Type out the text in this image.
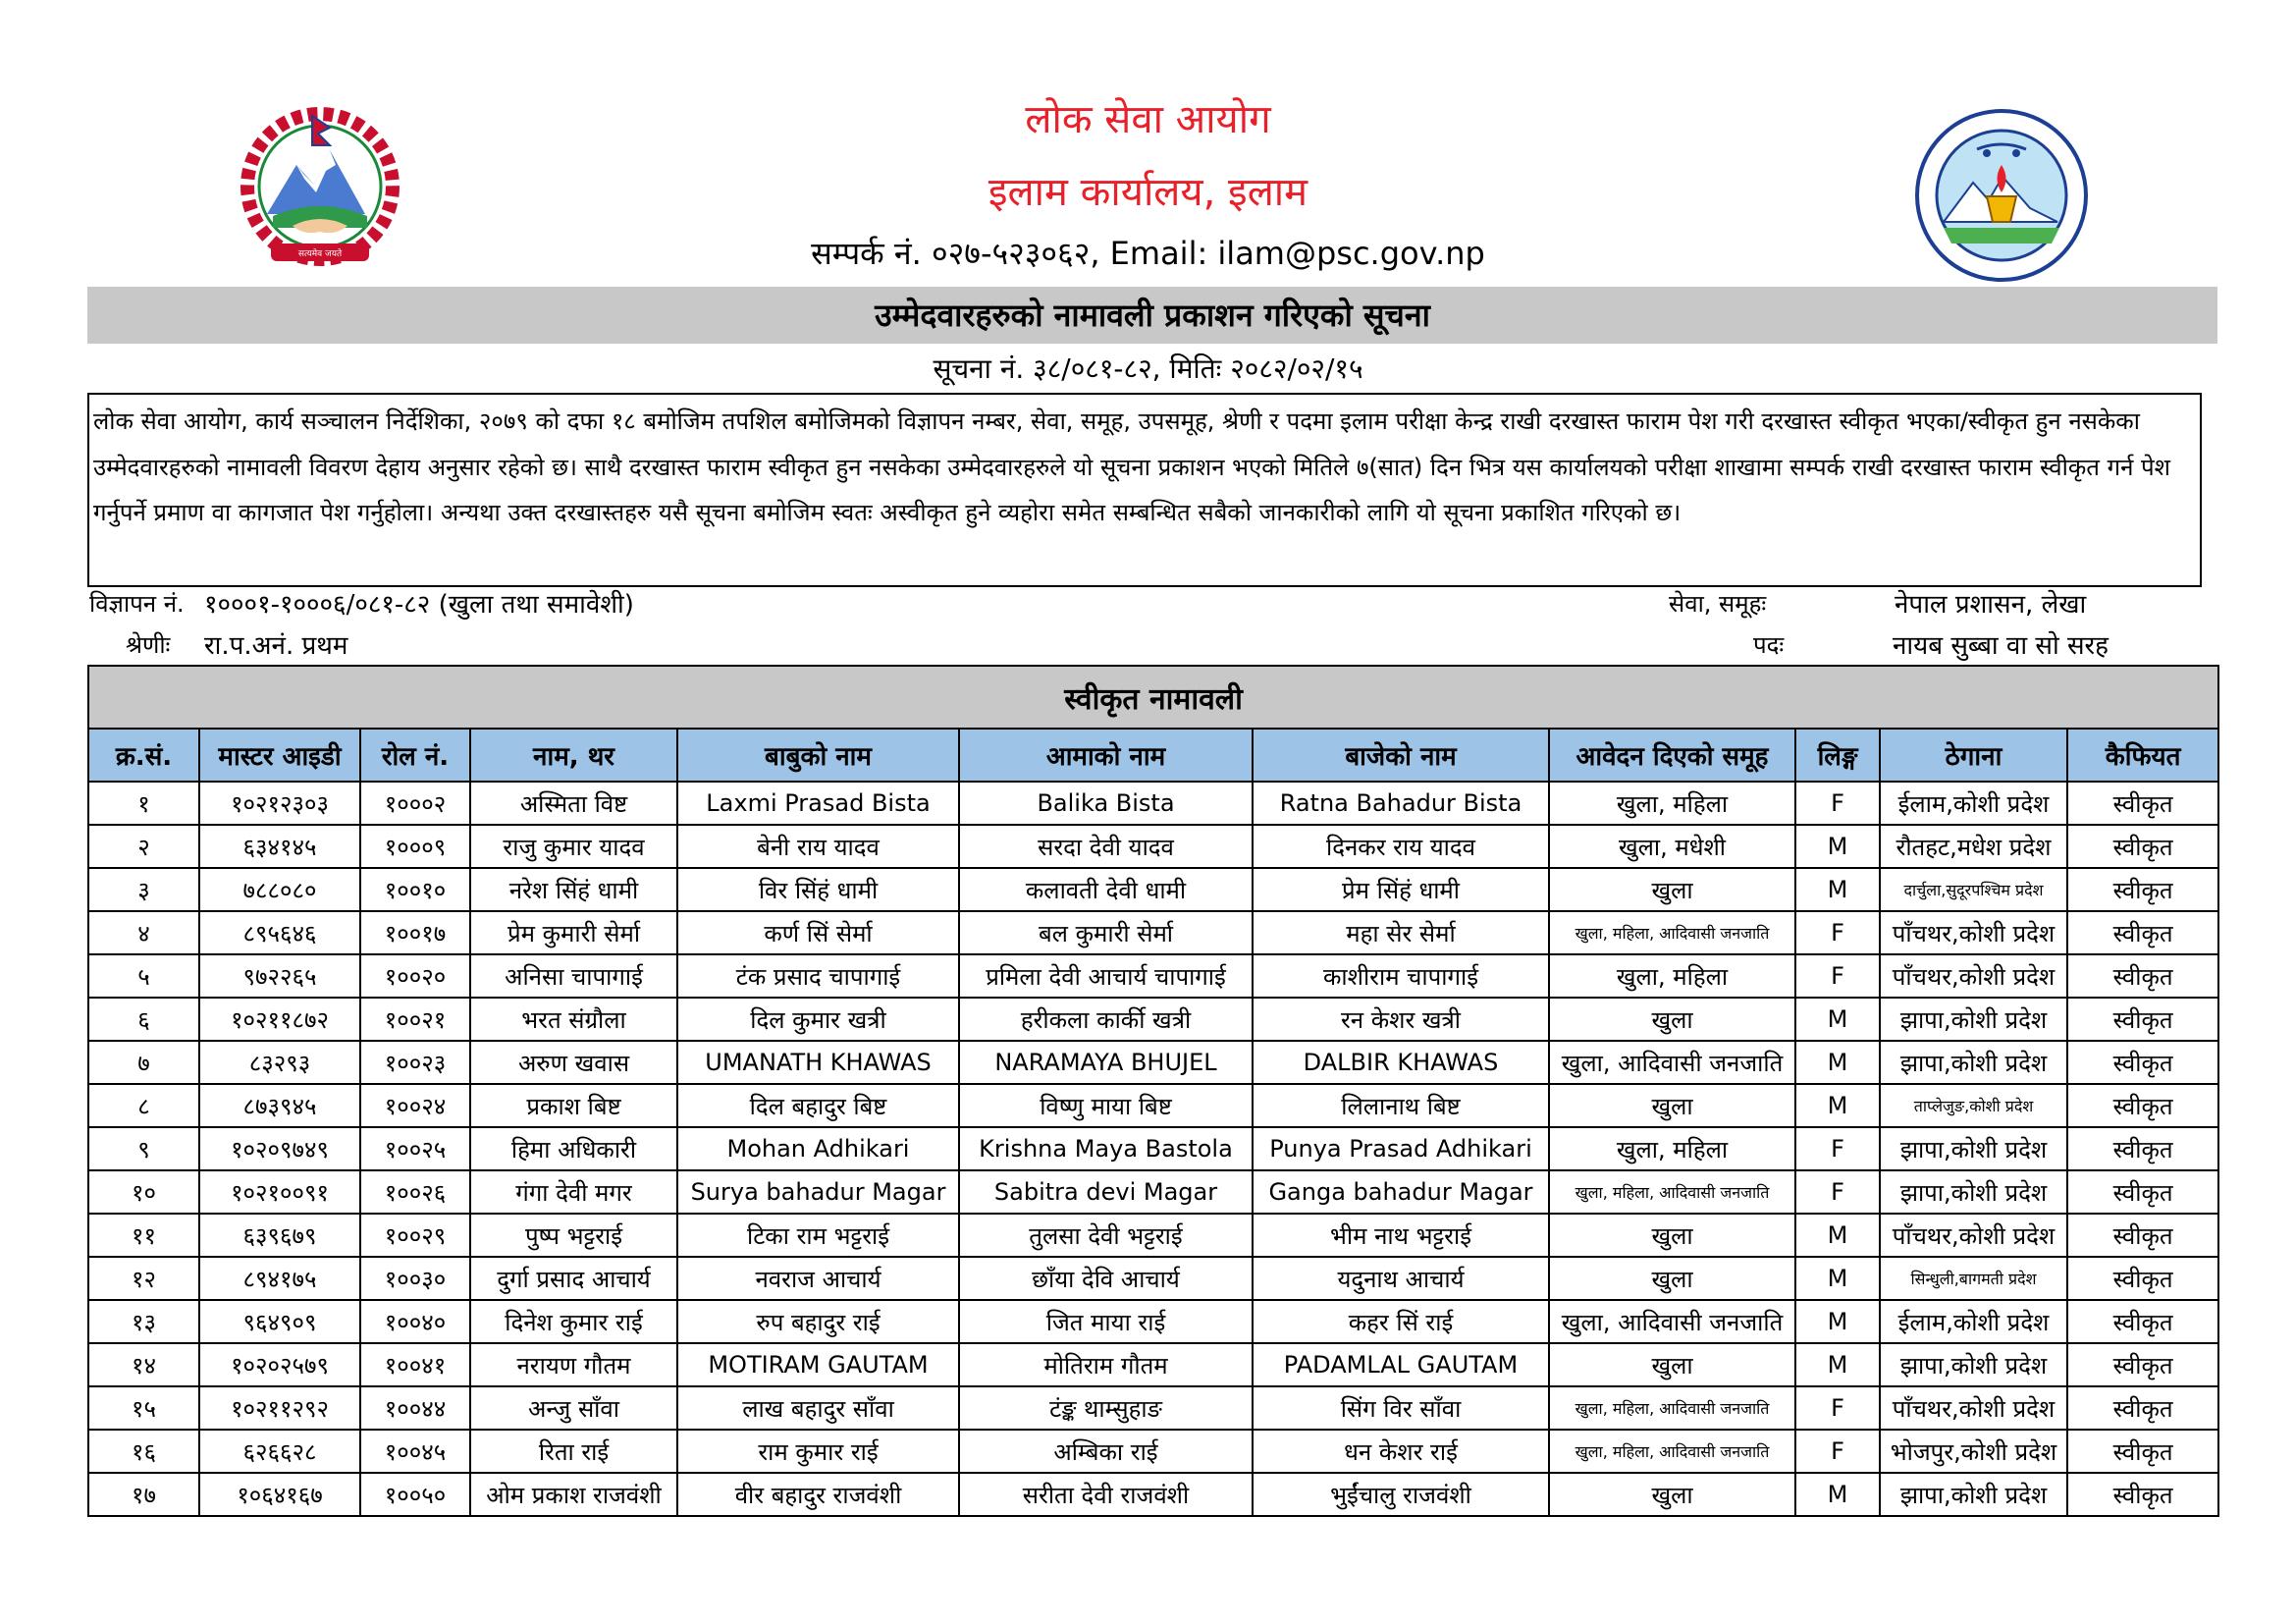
सत्यमेव जयते
लोक सेवा आयोग
इलाम कार्यालय, इलाम
सम्पर्क नं. ०२७-५२३०६२, Email: ilam@psc.gov.np
उम्मेदवारहरुको नामावली प्रकाशन गरिएको सूचना
सूचना नं. ३८/०८१-८२, मितिः २०८२/०२/१५
लोक सेवा आयोग, कार्य सञ्चालन निर्देशिका, २०७९ को दफा १८ बमोजिम तपशिल बमोजिमको विज्ञापन नम्बर, सेवा, समूह, उपसमूह, श्रेणी र पदमा इलाम परीक्षा केन्द्र राखी दरखास्त फाराम पेश गरी दरखास्त स्वीकृत भएका/स्वीकृत हुन नसकेका उम्मेदवारहरुको नामावली विवरण देहाय अनुसार रहेको छ। साथै दरखास्त फाराम स्वीकृत हुन नसकेका उम्मेदवारहरुले यो सूचना प्रकाशन भएको मितिले ७(सात) दिन भित्र यस कार्यालयको परीक्षा शाखामा सम्पर्क राखी दरखास्त फाराम स्वीकृत गर्न पेश गर्नुपर्ने प्रमाण वा कागजात पेश गर्नुहोला। अन्यथा उक्त दरखास्तहरु यसै सूचना बमोजिम स्वतः अस्वीकृत हुने व्यहोरा समेत सम्बन्धित सबैको जानकारीको लागि यो सूचना प्रकाशित गरिएको छ।
विज्ञापन नं. १०००१-१०००६/०८१-८२ (खुला तथा समावेशी)
श्रेणीः रा.प.अनं. प्रथम
सेवा, समूहः	नेपाल प्रशासन, लेखा
पदः	नायब सुब्बा वा सो सरह
स्वीकृत नामावली										
क्र.सं.	मास्टर आइडी	रोल नं.	नाम, थर	बाबुको नाम	आमाको नाम	बाजेको नाम	आवेदन दिएको समूह	लिङ्ग	ठेगाना	कैफियत
१	१०२१२३०३	१०००२	अस्मिता विष्ट	Laxmi Prasad Bista	Balika Bista	Ratna Bahadur Bista	खुला, महिला	F	ईलाम,कोशी प्रदेश	स्वीकृत
२	६३४१४५	१०००९	राजु कुमार यादव	बेनी राय यादव	सरदा देवी यादव	दिनकर राय यादव	खुला, मधेशी	M	रौतहट,मधेश प्रदेश	स्वीकृत
३	७८८०८०	१००१०	नरेश सिंहं धामी	विर सिंहं धामी	कलावती देवी धामी	प्रेम सिंहं धामी	खुला	M	दार्चुला,सुदूरपश्चिम प्रदेश	स्वीकृत
४	८९५६४६	१००१७	प्रेम कुमारी सेर्मा	कर्ण सिं सेर्मा	बल कुमारी सेर्मा	महा सेर सेर्मा	खुला, महिला, आदिवासी जनजाति	F	पाँचथर,कोशी प्रदेश	स्वीकृत
५	९७२२६५	१००२०	अनिसा चापागाई	टंक प्रसाद चापागाई	प्रमिला देवी आचार्य चापागाई	काशीराम चापागाई	खुला, महिला	F	पाँचथर,कोशी प्रदेश	स्वीकृत
६	१०२११८७२	१००२१	भरत संग्रौला	दिल कुमार खत्री	हरीकला कार्की खत्री	रन केशर खत्री	खुला	M	झापा,कोशी प्रदेश	स्वीकृत
७	८३२९३	१००२३	अरुण खवास	UMANATH KHAWAS	NARAMAYA BHUJEL	DALBIR KHAWAS	खुला, आदिवासी जनजाति	M	झापा,कोशी प्रदेश	स्वीकृत
८	८७३९४५	१००२४	प्रकाश बिष्ट	दिल बहादुर बिष्ट	विष्णु माया बिष्ट	लिलानाथ बिष्ट	खुला	M	ताप्लेजुङ,कोशी प्रदेश	स्वीकृत
९	१०२०९७४९	१००२५	हिमा अधिकारी	Mohan Adhikari	Krishna Maya Bastola	Punya Prasad Adhikari	खुला, महिला	F	झापा,कोशी प्रदेश	स्वीकृत
१०	१०२१००९१	१००२६	गंगा देवी मगर	Surya bahadur Magar	Sabitra devi Magar	Ganga bahadur Magar	खुला, महिला, आदिवासी जनजाति	F	झापा,कोशी प्रदेश	स्वीकृत
११	६३९६७९	१००२९	पुष्प भट्टराई	टिका राम भट्टराई	तुलसा देवी भट्टराई	भीम नाथ भट्टराई	खुला	M	पाँचथर,कोशी प्रदेश	स्वीकृत
१२	८९४१७५	१००३०	दुर्गा प्रसाद आचार्य	नवराज आचार्य	छाँया देवि आचार्य	यदुनाथ आचार्य	खुला	M	सिन्धुली,बागमती प्रदेश	स्वीकृत
१३	९६४९०९	१००४०	दिनेश कुमार राई	रुप बहादुर राई	जित माया राई	कहर सिं राई	खुला, आदिवासी जनजाति	M	ईलाम,कोशी प्रदेश	स्वीकृत
१४	१०२०२५७९	१००४१	नरायण गौतम	MOTIRAM GAUTAM	मोतिराम गौतम	PADAMLAL GAUTAM	खुला	M	झापा,कोशी प्रदेश	स्वीकृत
१५	१०२११२९२	१००४४	अन्जु साँवा	लाख बहादुर साँवा	टंङ्क थाम्सुहाङ	सिंग विर साँवा	खुला, महिला, आदिवासी जनजाति	F	पाँचथर,कोशी प्रदेश	स्वीकृत
१६	६२६६२८	१००४५	रिता राई	राम कुमार राई	अम्बिका राई	धन केशर राई	खुला, महिला, आदिवासी जनजाति	F	भोजपुर,कोशी प्रदेश	स्वीकृत
१७	१०६४१६७	१००५०	ओम प्रकाश राजवंशी	वीर बहादुर राजवंशी	सरीता देवी राजवंशी	भुईंचालु राजवंशी	खुला	M	झापा,कोशी प्रदेश	स्वीकृत
